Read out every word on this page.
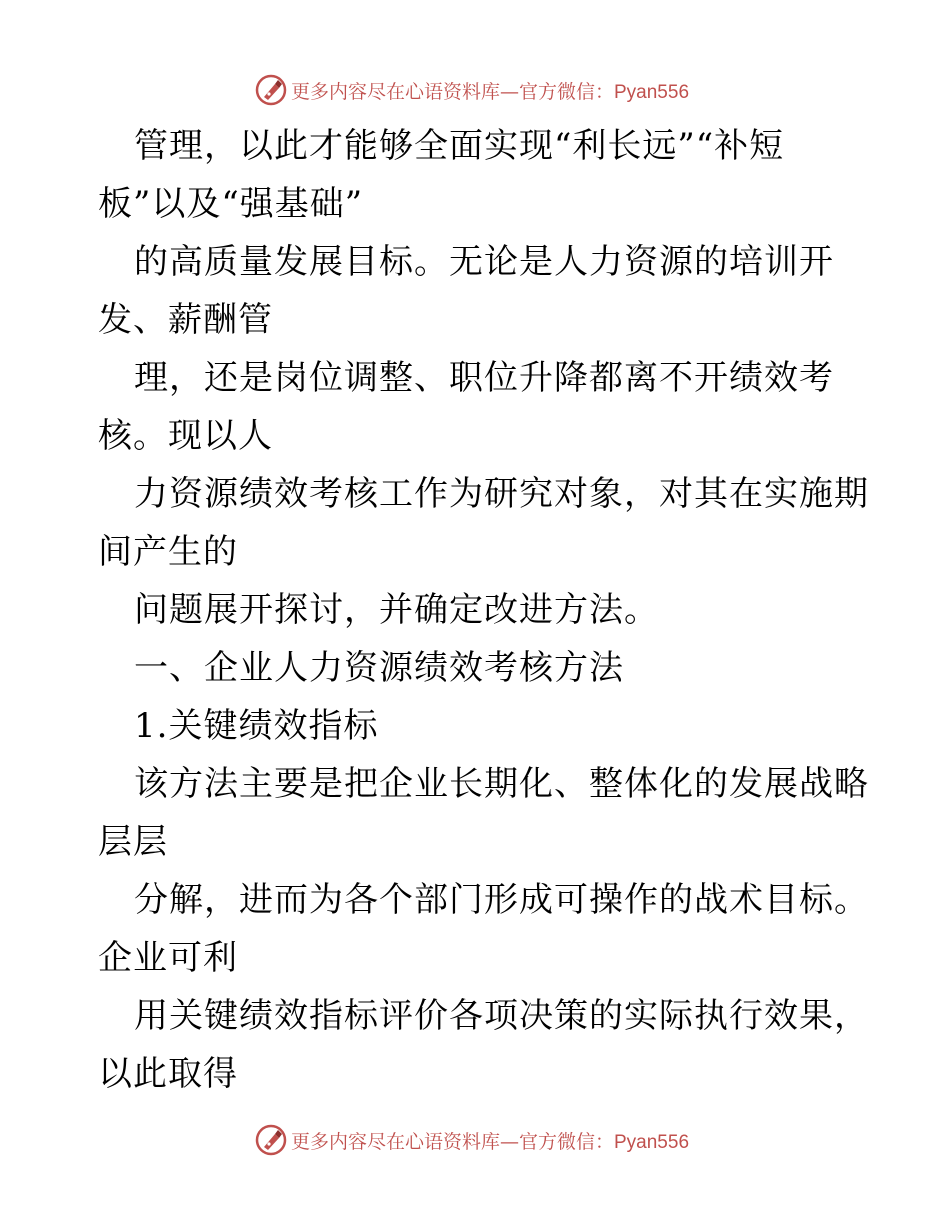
更多内容尽在心语资料库—官方微信：Pyan556
管理，以此才能够全面实现“利长远”“补短
板”以及“强基础”
的高质量发展目标。无论是人力资源的培训开
发、薪酬管
理，还是岗位调整、职位升降都离不开绩效考
核。现以人
力资源绩效考核工作为研究对象，对其在实施期
间产生的
问题展开探讨，并确定改进方法。
一、企业人力资源绩效考核方法
1.关键绩效指标
该方法主要是把企业长期化、整体化的发展战略
层层
分解，进而为各个部门形成可操作的战术目标。
企业可利
用关键绩效指标评价各项决策的实际执行效果，
以此取得
更多内容尽在心语资料库—官方微信：Pyan556
